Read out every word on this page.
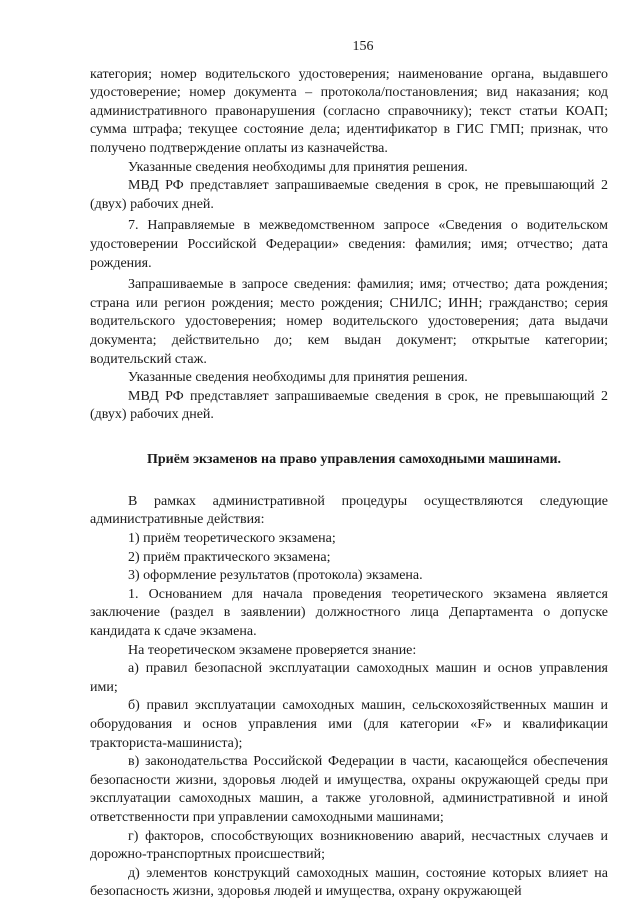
156

категория; номер водительского удостоверения; наименование органа, выдавшего удостоверение; номер документа – протокола/постановления; вид наказания; код административного правонарушения (согласно справочнику); текст статьи КОАП; сумма штрафа; текущее состояние дела; идентификатор в ГИС ГМП; признак, что получено подтверждение оплаты из казначейства.

Указанные сведения необходимы для принятия решения.

МВД РФ представляет запрашиваемые сведения в срок, не превышающий 2 (двух) рабочих дней.

7. Направляемые в межведомственном запросе «Сведения о водительском удостоверении Российской Федерации» сведения: фамилия; имя; отчество; дата рождения.

Запрашиваемые в запросе сведения: фамилия; имя; отчество; дата рождения; страна или регион рождения; место рождения; СНИЛС; ИНН; гражданство; серия водительского удостоверения; номер водительского удостоверения; дата выдачи документа; действительно до; кем выдан документ; открытые категории; водительский стаж.

Указанные сведения необходимы для принятия решения.

МВД РФ представляет запрашиваемые сведения в срок, не превышающий 2 (двух) рабочих дней.

Приём экзаменов на право управления самоходными машинами.

В рамках административной процедуры осуществляются следующие административные действия:

1) приём теоретического экзамена;

2) приём практического экзамена;

3) оформление результатов (протокола) экзамена.

1. Основанием для начала проведения теоретического экзамена является заключение (раздел в заявлении) должностного лица Департамента о допуске кандидата к сдаче экзамена.

На теоретическом экзамене проверяется знание:

а) правил безопасной эксплуатации самоходных машин и основ управления ими;

б) правил эксплуатации самоходных машин, сельскохозяйственных машин и оборудования и основ управления ими (для категории «F» и квалификации тракториста-машиниста);

в) законодательства Российской Федерации в части, касающейся обеспечения безопасности жизни, здоровья людей и имущества, охраны окружающей среды при эксплуатации самоходных машин, а также уголовной, административной и иной ответственности при управлении самоходными машинами;

г) факторов, способствующих возникновению аварий, несчастных случаев и дорожно-транспортных происшествий;

д) элементов конструкций самоходных машин, состояние которых влияет на безопасность жизни, здоровья людей и имущества, охрану окружающей
